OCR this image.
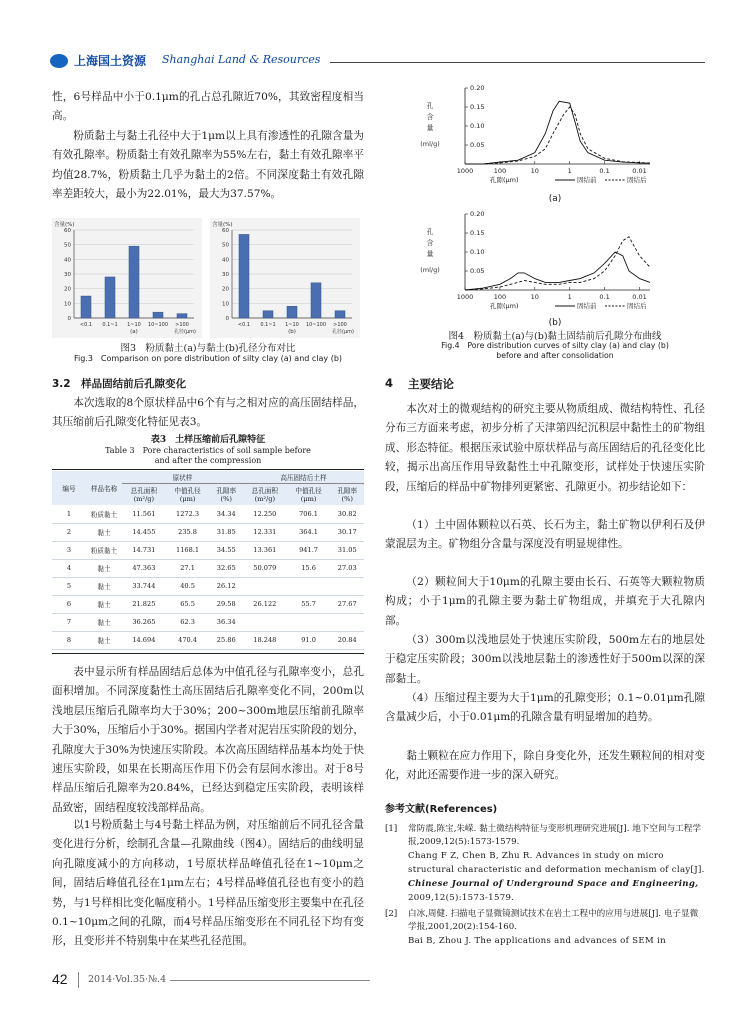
上海国土资源 Shanghai Land & Resources
性，6号样品中小于0.1μm的孔占总孔隙近70%，其致密程度相当高。
粉质黏土与黏土孔径中大于1μm以上具有渗透性的孔隙含量为有效孔隙率。粉质黏土有效孔隙率为55%左右，黏土有效孔隙率平均值28.7%，粉质黏土几乎为黏土的2倍。不同深度黏土有效孔隙率差距较大，最小为22.01%，最大为37.57%。
含量(%)
0
10
20
30
40
50
60
<0.1 0.1~1 1~10 10~100 >100
孔径(μm)
(a)
含量(%)
0
10
20
30
40
50
60
<0.1 0.1~1 1~10 10~100 >100
孔径(μm)
(b)
图3　粉质黏土(a)与黏土(b)孔径分布对比
Fig.3　Comparison on pore distribution of silty clay (a) and clay (b)
3.2　样品固结前后孔隙变化
本次选取的8个原状样品中6个有与之相对应的高压固结样品，其压缩前后孔隙变化特征见表3。
表3　土样压缩前后孔隙特征
Table 3　Pore characteristics of soil sample before
and after the compression
编号	样品名称	原状样			高压固结后土样		
		总孔面积
(m²/g)	中值孔径
(μm)	孔隙率
(%)	总孔面积
(m²/g)	中值孔径
(μm)	孔隙率
(%)
1	粉质黏土	11.561	1272.3	34.34	12.250	706.1	30.82
2	黏土	14.455	235.8	31.85	12.331	364.1	30.17
3	粉质黏土	14.731	1168.1	34.55	13.361	941.7	31.05
4	黏土	47.363	27.1	32.65	50.079	15.6	27.03
5	黏土	33.744	40.5	26.12			
6	黏土	21.825	65.5	29.58	26.122	55.7	27.67
7	黏土	36.265	62.3	36.34			
8	黏土	14.694	470.4	25.86	18.248	91.0	20.84
表中显示所有样品固结后总体为中值孔径与孔隙率变小，总孔面积增加。不同深度黏性土高压固结后孔隙率变化不同，200m以浅地层压缩后孔隙率均大于30%；200~300m地层压缩前孔隙率大于30%，压缩后小于30%。据国内学者对泥岩压实阶段的划分，孔隙度大于30%为快速压实阶段。本次高压固结样品基本均处于快速压实阶段，如果在长期高压作用下仍会有层间水渗出。对于8号样品压缩后孔隙率为20.84%，已经达到稳定压实阶段，表明该样品致密，固结程度较浅部样品高。
以1号粉质黏土与4号黏土样品为例，对压缩前后不同孔径含量变化进行分析，绘制孔含量—孔隙曲线（图4）。固结后的曲线明显向孔隙度减小的方向移动，1号原状样品峰值孔径在1~10μm之间，固结后峰值孔径在1μm左右；4号样品峰值孔径也有变小的趋势，与1号样相比变化幅度稍小。1号样品压缩变形主要集中在孔径0.1~10μm之间的孔隙，而4号样品压缩变形在不同孔径下均有变形，且变形并不特别集中在某些孔径范围。
孔
含
量
(ml/g)	0.05
0.10
0.15
0.20
1000	100	10	1	0.1	0.01
孔隙(μm)	固结前	固结后
(a)
孔
含
量
(ml/g)	0.05
0.10
0.15
0.20
1000	100	10	1	0.1	0.01
孔隙(μm)	固结前	固结后
(b)
图4　粉质黏土(a)与(b)黏土固结前后孔隙分布曲线
Fig.4　Pore distribution curves of silty clay (a) and clay (b)
before and after consolidation
4 主要结论
本次对土的微观结构的研究主要从物质组成、微结构特性、孔径分布三方面来考虑，初步分析了天津第四纪沉积层中黏性土的矿物组成、形态特征。根据压汞试验中原状样品与高压固结后的孔径变化比较，揭示出高压作用导致黏性土中孔隙变形，试样处于快速压实阶段，压缩后的样品中矿物排列更紧密、孔隙更小。初步结论如下：
（1）土中固体颗粒以石英、长石为主，黏土矿物以伊利石及伊蒙混层为主。矿物组分含量与深度没有明显规律性。
（2）颗粒间大于10μm的孔隙主要由长石、石英等大颗粒物质构成；小于1μm的孔隙主要为黏土矿物组成，并填充于大孔隙内部。
（3）300m以浅地层处于快速压实阶段，500m左右的地层处于稳定压实阶段；300m以浅地层黏土的渗透性好于500m以深的深部黏土。
（4）压缩过程主要为大于1μm的孔隙变形；0.1~0.01μm孔隙含量减少后，小于0.01μm的孔隙含量有明显增加的趋势。
黏土颗粒在应力作用下，除自身变化外，还发生颗粒间的相对变化，对此还需要作进一步的深入研究。
参考文献(References)
[1] 常防震,陈宝,朱嵘. 黏土微结构特征与变形机理研究进展[J]. 地下空间与工程学报,2009,12(5):1573-1579.
Chang F Z, Chen B, Zhu R. Advances in study on micro
structural characteristic and deformation mechanism of clay[J].
Chinese Journal of Underground Space and Engineering,
2009,12(5):1573-1579.
[2] 白冰,周健. 扫描电子显微镜测试技术在岩土工程中的应用与进展[J]. 电子显微学报,2001,20(2):154-160.
Bai B, Zhou J. The applications and advances of SEM in
42 2014·Vol.35·№.4
